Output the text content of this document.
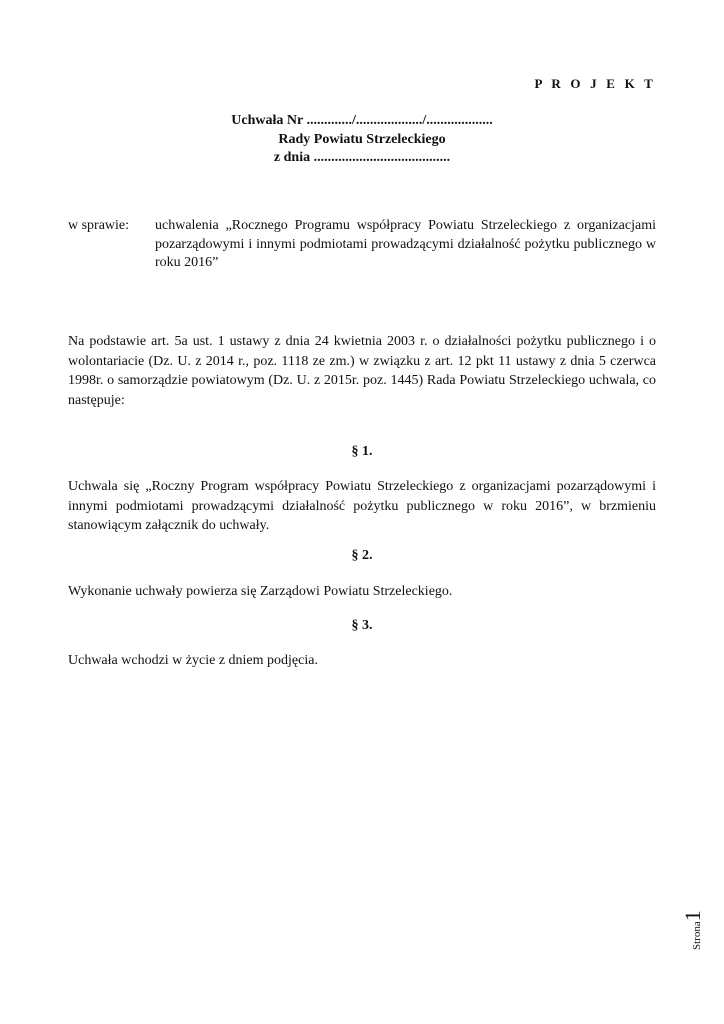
P R O J E K T
Uchwała Nr ............./.................../...................
Rady Powiatu Strzeleckiego
z dnia .......................................
w sprawie: uchwalenia „Rocznego Programu współpracy Powiatu Strzeleckiego z organizacjami pozarządowymi i innymi podmiotami prowadzącymi działalność pożytku publicznego w roku 2016”
Na podstawie art. 5a ust. 1 ustawy z dnia 24 kwietnia 2003 r. o działalności pożytku publicznego i o wolontariacie (Dz. U. z 2014 r., poz. 1118 ze zm.) w związku z art. 12 pkt 11 ustawy z dnia 5 czerwca 1998r. o samorządzie powiatowym (Dz. U. z 2015r. poz. 1445) Rada Powiatu Strzeleckiego uchwala, co następuje:
§ 1.
Uchwala się „Roczny Program współpracy Powiatu Strzeleckiego z organizacjami pozarządowymi i innymi podmiotami prowadzącymi działalność pożytku publicznego w roku 2016”, w brzmieniu stanowiącym załącznik do uchwały.
§ 2.
Wykonanie uchwały powierza się Zarządowi Powiatu Strzeleckiego.
§ 3.
Uchwała wchodzi w życie z dniem podjęcia.
Strona1
